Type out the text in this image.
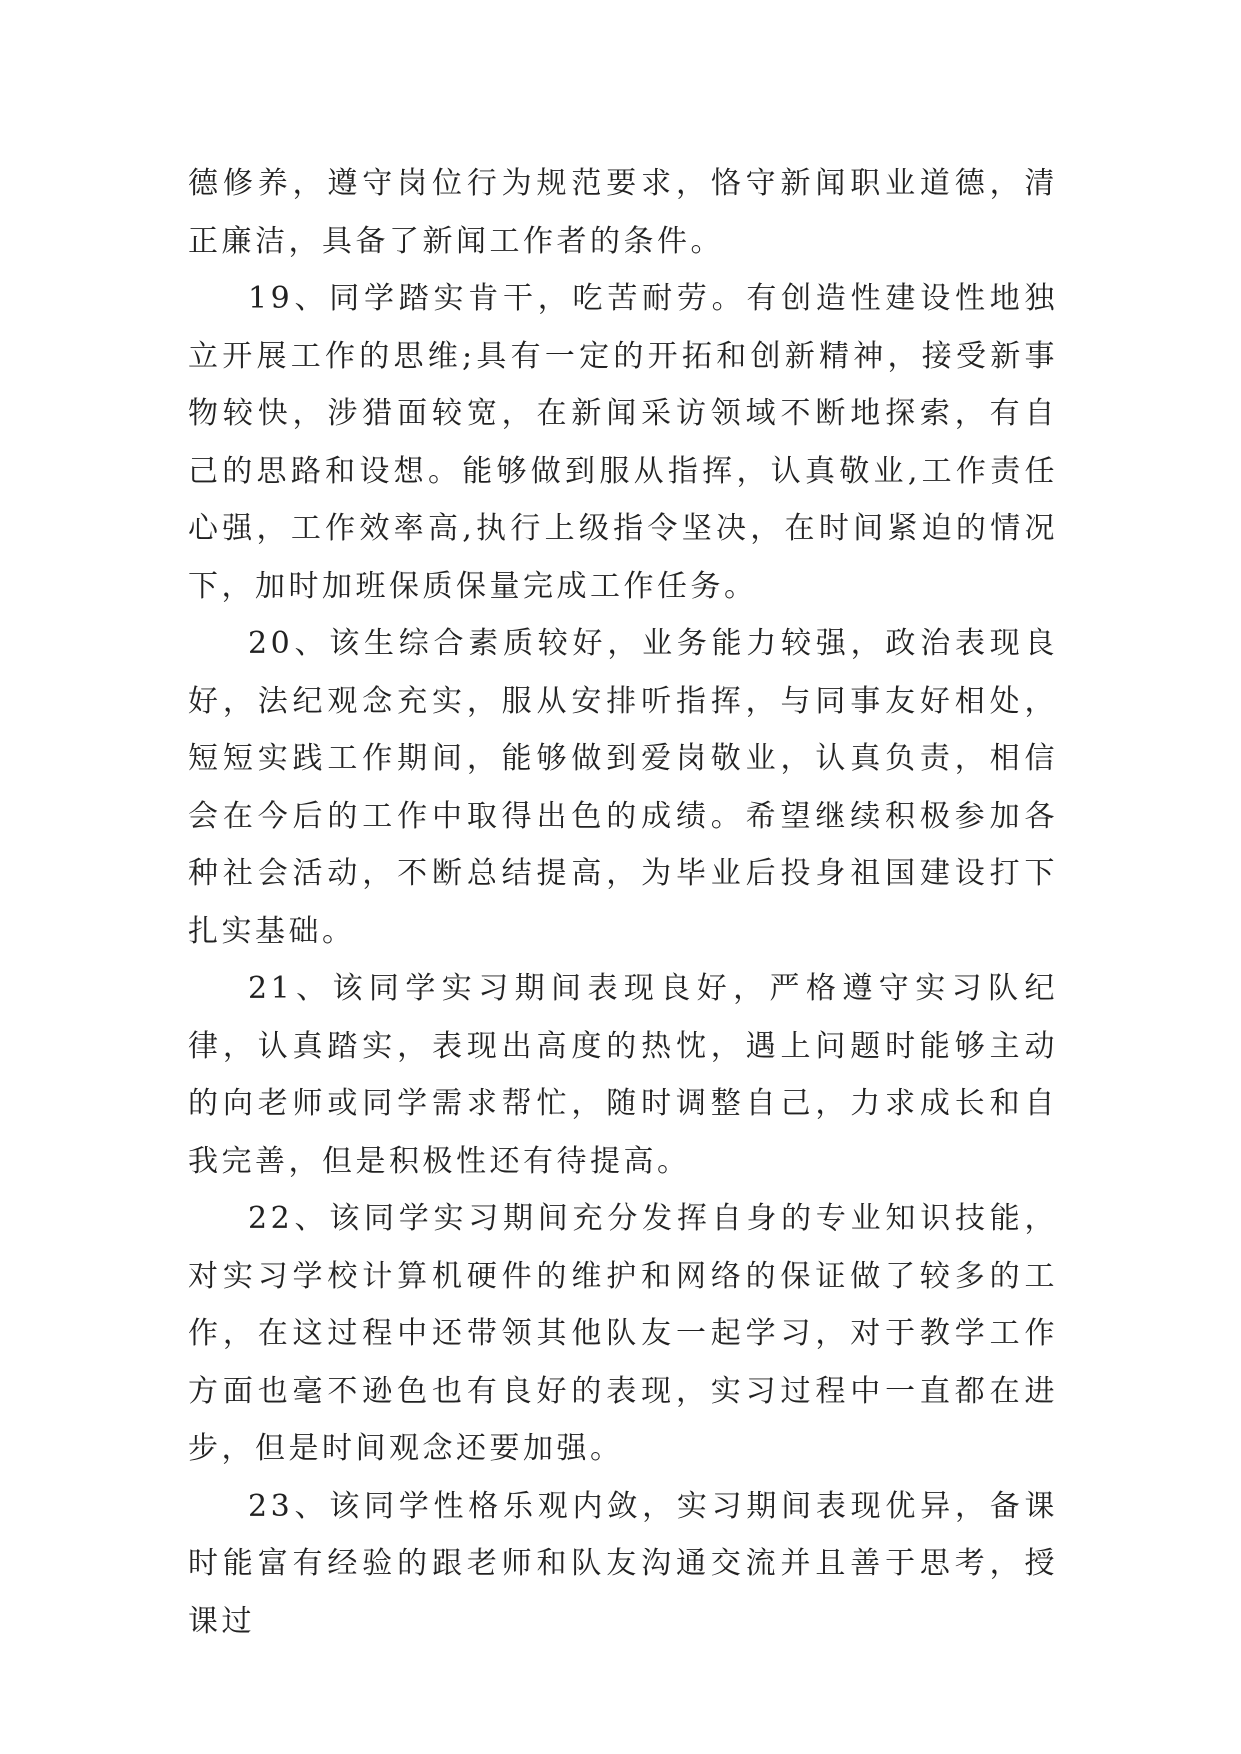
德修养，遵守岗位行为规范要求，恪守新闻职业道德，清正廉洁，具备了新闻工作者的条件。

19、同学踏实肯干，吃苦耐劳。有创造性建设性地独立开展工作的思维;具有一定的开拓和创新精神，接受新事物较快，涉猎面较宽，在新闻采访领域不断地探索，有自己的思路和设想。能够做到服从指挥，认真敬业,工作责任心强，工作效率高,执行上级指令坚决，在时间紧迫的情况下，加时加班保质保量完成工作任务。

20、该生综合素质较好，业务能力较强，政治表现良好，法纪观念充实，服从安排听指挥，与同事友好相处，短短实践工作期间，能够做到爱岗敬业，认真负责，相信会在今后的工作中取得出色的成绩。希望继续积极参加各种社会活动，不断总结提高，为毕业后投身祖国建设打下扎实基础。

21、该同学实习期间表现良好，严格遵守实习队纪律，认真踏实，表现出高度的热忱，遇上问题时能够主动的向老师或同学需求帮忙，随时调整自己，力求成长和自我完善，但是积极性还有待提高。

22、该同学实习期间充分发挥自身的专业知识技能，对实习学校计算机硬件的维护和网络的保证做了较多的工作，在这过程中还带领其他队友一起学习，对于教学工作方面也毫不逊色也有良好的表现，实习过程中一直都在进步，但是时间观念还要加强。

23、该同学性格乐观内敛，实习期间表现优异，备课时能富有经验的跟老师和队友沟通交流并且善于思考，授课过
